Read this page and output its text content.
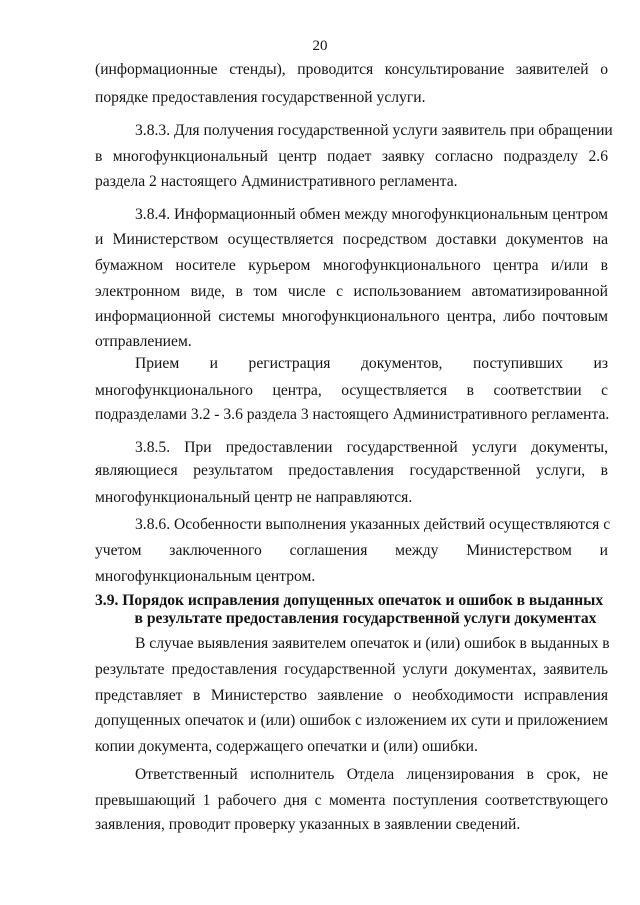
20
(информационные стенды), проводится консультирование заявителей о
порядке предоставления государственной услуги.
3.8.3. Для получения государственной услуги заявитель при обращении
в многофункциональный центр подает заявку согласно подразделу 2.6
раздела 2 настоящего Административного регламента.
3.8.4. Информационный обмен между многофункциональным центром
и Министерством осуществляется посредством доставки документов на
бумажном носителе курьером многофункционального центра и/или в
электронном виде, в том числе с использованием автоматизированной
информационной системы многофункционального центра, либо почтовым
отправлением.
Прием и регистрация документов, поступивших из
многофункционального центра, осуществляется в соответствии с
подразделами 3.2 - 3.6 раздела 3 настоящего Административного регламента.
3.8.5. При предоставлении государственной услуги документы,
являющиеся результатом предоставления государственной услуги, в
многофункциональный центр не направляются.
3.8.6. Особенности выполнения указанных действий осуществляются с
учетом заключенного соглашения между Министерством и
многофункциональным центром.
3.9. Порядок исправления допущенных опечаток и ошибок в выданных
в результате предоставления государственной услуги документах
В случае выявления заявителем опечаток и (или) ошибок в выданных в
результате предоставления государственной услуги документах, заявитель
представляет в Министерство заявление о необходимости исправления
допущенных опечаток и (или) ошибок с изложением их сути и приложением
копии документа, содержащего опечатки и (или) ошибки.
Ответственный исполнитель Отдела лицензирования в срок, не
превышающий 1 рабочего дня с момента поступления соответствующего
заявления, проводит проверку указанных в заявлении сведений.
